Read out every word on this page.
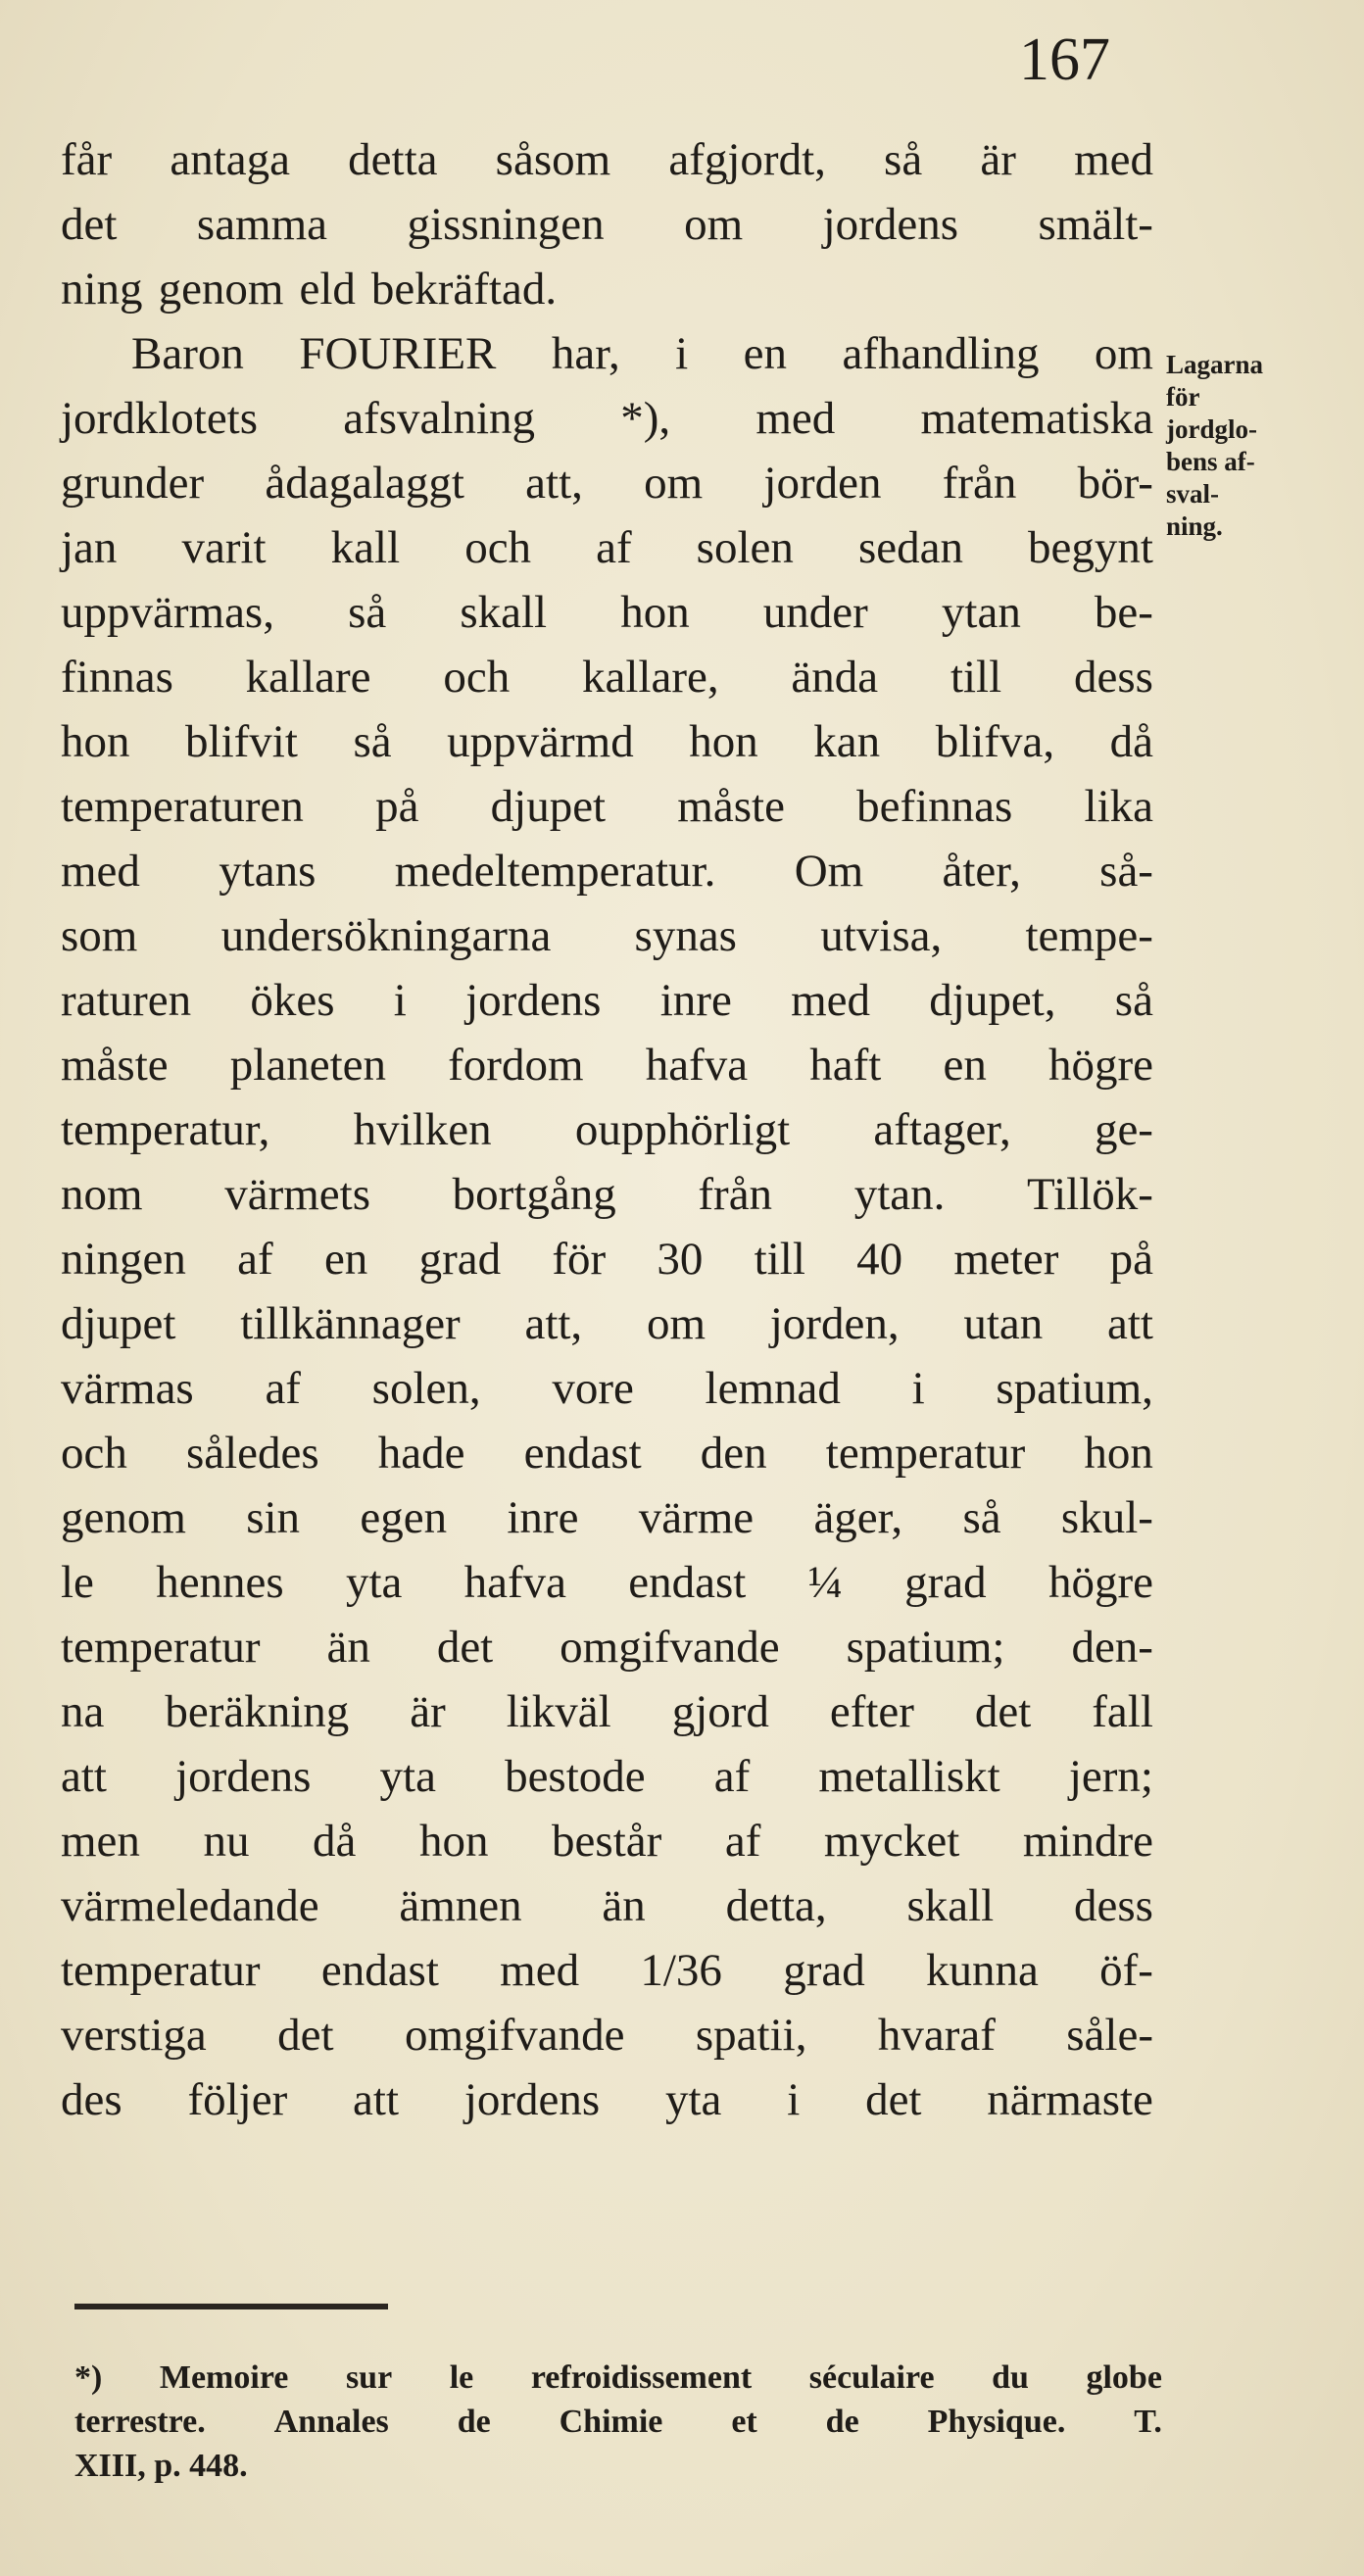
167
får antaga detta såsom afgjordt, så är med
det samma gissningen om jordens smält-
ning genom eld bekräftad.
Baron FOURIER har, i en afhandling om
jordklotets afsvalning *), med matematiska
grunder ådagalaggt att, om jorden från bör-
jan varit kall och af solen sedan begynt
uppvärmas, så skall hon under ytan be-
finnas kallare och kallare, ända till dess
hon blifvit så uppvärmd hon kan blifva, då
temperaturen på djupet måste befinnas lika
med ytans medeltemperatur. Om åter, så-
som undersökningarna synas utvisa, tempe-
raturen ökes i jordens inre med djupet, så
måste planeten fordom hafva haft en högre
temperatur, hvilken oupphörligt aftager, ge-
nom värmets bortgång från ytan. Tillök-
ningen af en grad för 30 till 40 meter på
djupet tillkännager att, om jorden, utan att
värmas af solen, vore lemnad i spatium,
och således hade endast den temperatur hon
genom sin egen inre värme äger, så skul-
le hennes yta hafva endast ¼ grad högre
temperatur än det omgifvande spatium; den-
na beräkning är likväl gjord efter det fall
att jordens yta bestode af metalliskt jern;
men nu då hon består af mycket mindre
värmeledande ämnen än detta, skall dess
temperatur endast med 1/36 grad kunna öf-
verstiga det omgifvande spatii, hvaraf såle-
des följer att jordens yta i det närmaste
Lagarna
för
jordglo-
bens af-
sval-
ning.
*) Memoire sur le refroidissement séculaire du globe
terrestre. Annales de Chimie et de Physique. T.
XIII, p. 448.
